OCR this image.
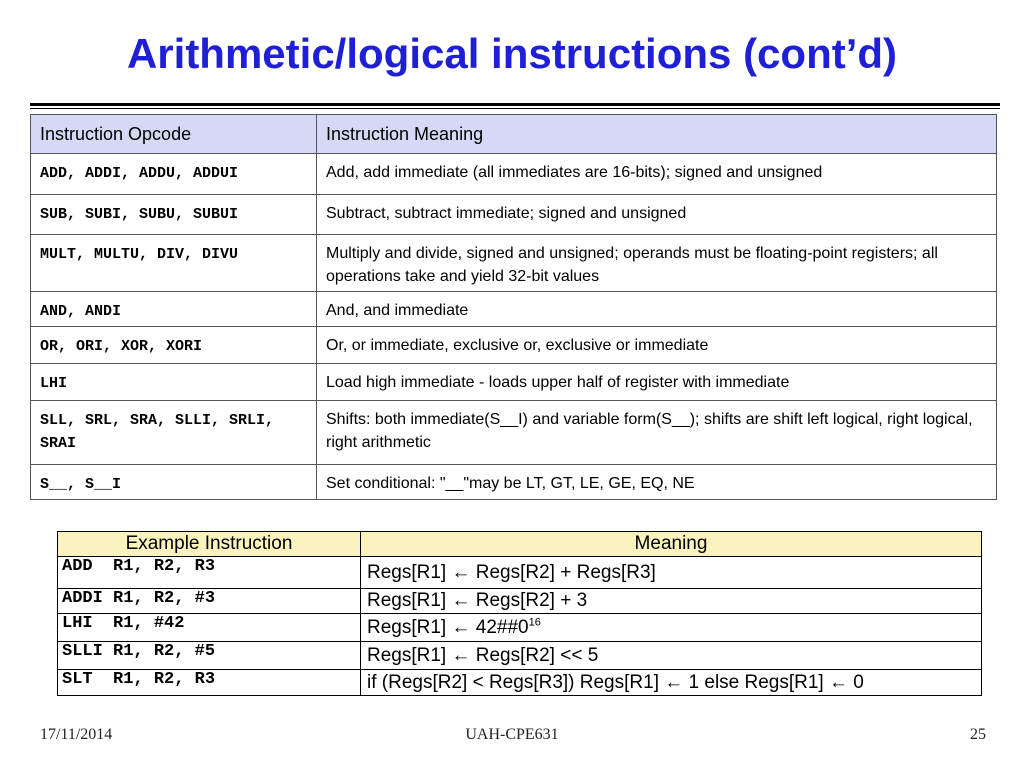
Arithmetic/logical instructions (cont’d)
Instruction Opcode	Instruction Meaning
ADD, ADDI, ADDU, ADDUI	Add, add immediate (all immediates are 16-bits); signed and unsigned
SUB, SUBI, SUBU, SUBUI	Subtract, subtract immediate; signed and unsigned
MULT, MULTU, DIV, DIVU	Multiply and divide, signed and unsigned; operands must be floating-point registers; all operations take and yield 32-bit values
AND, ANDI	And, and immediate
OR, ORI, XOR, XORI	Or, or immediate, exclusive or, exclusive or immediate
LHI	Load high immediate - loads upper half of register with immediate
SLL, SRL, SRA, SLLI, SRLI, SRAI	Shifts: both immediate(S__I) and variable form(S__); shifts are shift left logical, right logical, right arithmetic
S__, S__I	Set conditional: "__"may be LT, GT, LE, GE, EQ, NE
Example Instruction	Meaning
ADD  R1, R2, R3	Regs[R1] ← Regs[R2] + Regs[R3]
ADDI R1, R2, #3	Regs[R1] ← Regs[R2] + 3
LHI  R1, #42	Regs[R1] ← $42\#\#0^{16}$
SLLI R1, R2, #5	Regs[R1] ← Regs[R2] << 5
SLT  R1, R2, R3	if (Regs[R2] < Regs[R3]) Regs[R1] ← 1 else Regs[R1] ← 0
17/11/2014	UAH-CPE631	25
